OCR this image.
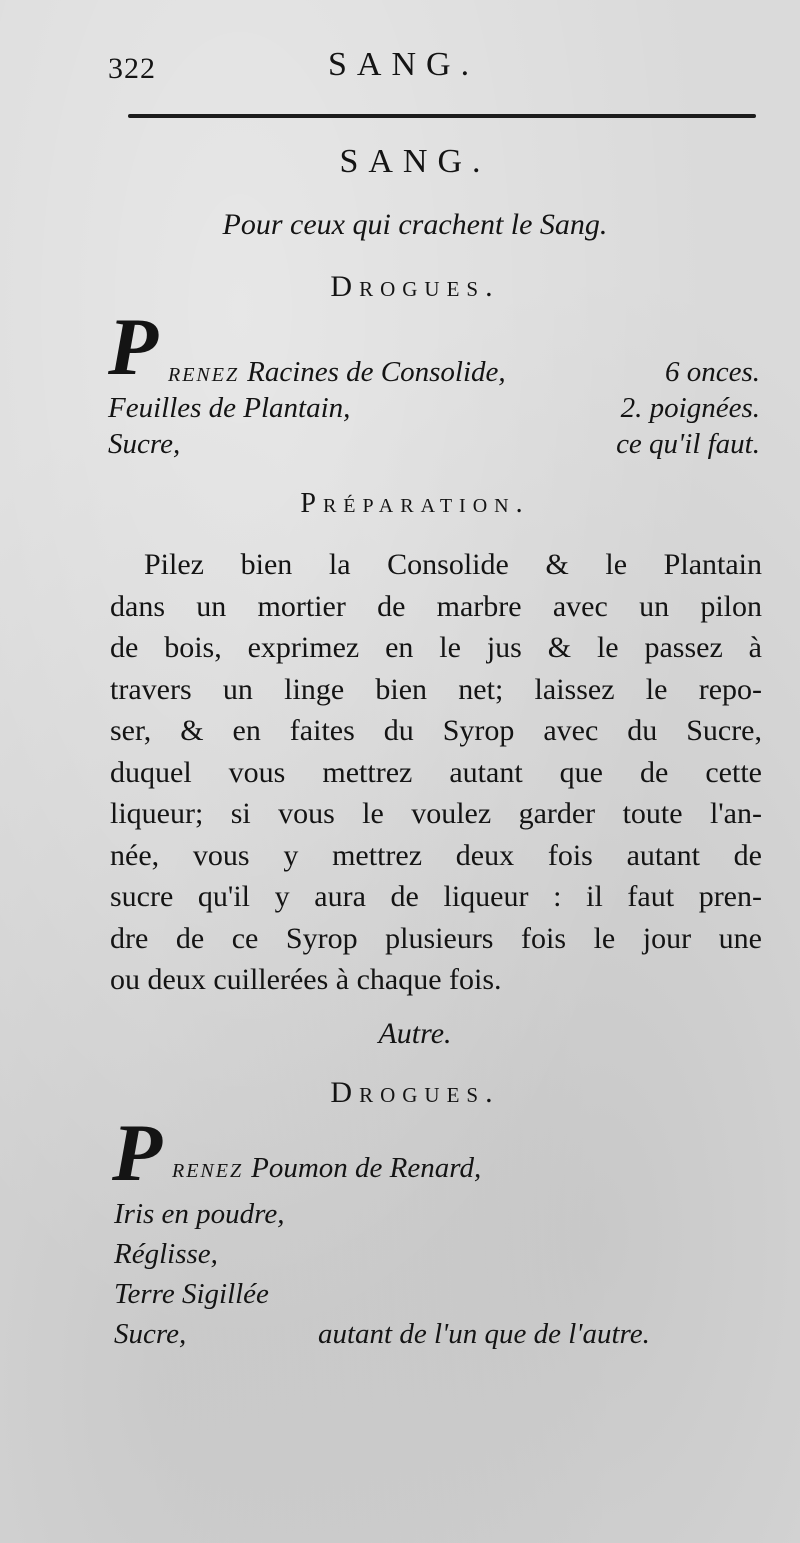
322	SANG.
SANG.
Pour ceux qui crachent le Sang.
Drogues.
P renez Racines de Consolide,	6 onces.
Feuilles de Plantain,	2. poignées.
Sucre,	ce qu'il faut.
Préparation.
Pilez bien la Consolide & le Plantain
dans un mortier de marbre avec un pilon
de bois, exprimez en le jus & le passez à
travers un linge bien net; laissez le repo-
ser, & en faites du Syrop avec du Sucre,
duquel vous mettrez autant que de cette
liqueur; si vous le voulez garder toute l'an-
née, vous y mettrez deux fois autant de
sucre qu'il y aura de liqueur : il faut pren-
dre de ce Syrop plusieurs fois le jour une
ou deux cuillerées à chaque fois.
Autre.
Drogues.
P renez Poumon de Renard,
Iris en poudre,
Réglisse,
Terre Sigillée
Sucre,	autant de l'un que de l'autre.
